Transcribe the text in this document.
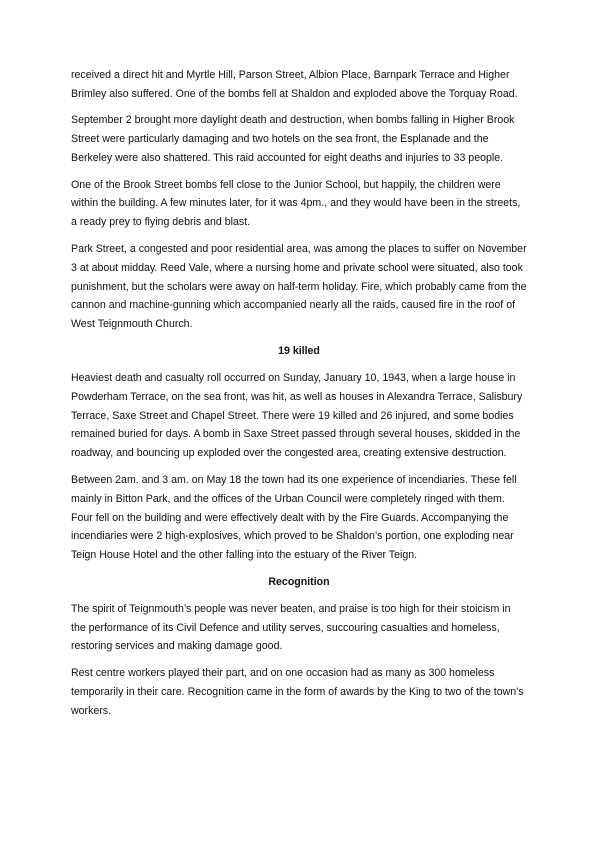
received a direct hit and Myrtle Hill, Parson Street, Albion Place, Barnpark Terrace and Higher Brimley also suffered. One of the bombs fell at Shaldon and exploded above the Torquay Road.

September 2 brought more daylight death and destruction, when bombs falling in Higher Brook Street were particularly damaging and two hotels on the sea front, the Esplanade and the Berkeley were also shattered. This raid accounted for eight deaths and injuries to 33 people.

One of the Brook Street bombs fell close to the Junior School, but happily, the children were within the building. A few minutes later, for it was 4pm., and they would have been in the streets, a ready prey to flying debris and blast.

Park Street, a congested and poor residential area, was among the places to suffer on November 3 at about midday. Reed Vale, where a nursing home and private school were situated, also took punishment, but the scholars were away on half-term holiday. Fire, which probably came from the cannon and machine-gunning which accompanied nearly all the raids, caused fire in the roof of West Teignmouth Church.

19 killed

Heaviest death and casualty roll occurred on Sunday, January 10, 1943, when a large house in Powderham Terrace, on the sea front, was hit, as well as houses in Alexandra Terrace, Salisbury Terrace, Saxe Street and Chapel Street. There were 19 killed and 26 injured, and some bodies remained buried for days. A bomb in Saxe Street passed through several houses, skidded in the roadway, and bouncing up exploded over the congested area, creating extensive destruction.

Between 2am. and 3 am. on May 18 the town had its one experience of incendiaries. These fell mainly in Bitton Park, and the offices of the Urban Council were completely ringed with them. Four fell on the building and were effectively dealt with by the Fire Guards. Accompanying the incendiaries were 2 high-explosives, which proved to be Shaldon’s portion, one exploding near Teign House Hotel and the other falling into the estuary of the River Teign.

Recognition

The spirit of Teignmouth’s people was never beaten, and praise is too high for their stoicism in the performance of its Civil Defence and utility serves, succouring casualties and homeless, restoring services and making damage good.

Rest centre workers played their part, and on one occasion had as many as 300 homeless temporarily in their care. Recognition came in the form of awards by the King to two of the town’s workers.
